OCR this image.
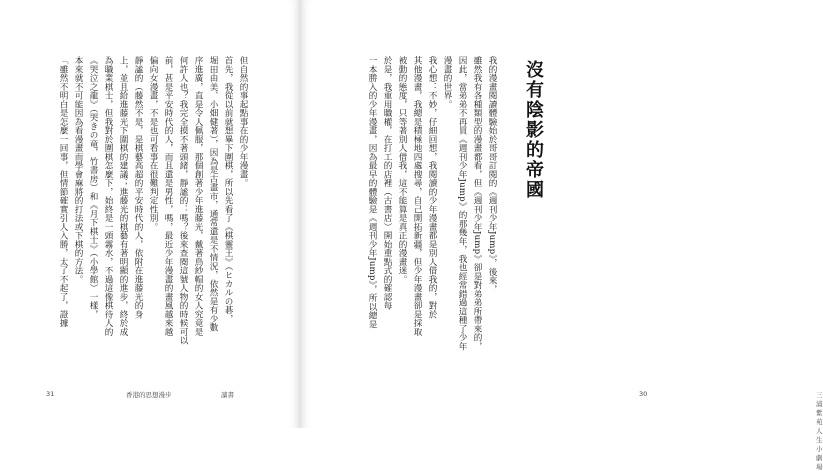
但自然的事起點事在的少年漫畫。

首先，我從以前就想畢下圍棋，所以先看了《棋靈王》（ヒカルの碁，

堀田由美、小畑健著），因為是古畫市，通常還是不情況，依然是有少數

序進廣，直是令人佩服，那個創著少年進藤光，戴著鳥紗帽的女人究竟是

何許人也？我完全摸不著頭緒，靜謐的：嗎？後來查閱這號人物的時候可以

前，甚是平安時代的人，而且還是男性，嗎，最近少年漫畫的畫風越來越

偏向女漫畫，不是也可看事在很難判定性別。

靜謐的（藤然不是，是棋藝高超的平安時代的人，依附在進藤光的身

上，並且給進藤光下圍棋的建議；進藤光的棋藝有著明顯的進步，終於成

為職業棋士，但我對於圍棋怎麼下，始終是一頭霧水，不過這像棋待人的

《哭泣之龍》（哭きの竜，竹書房）和《月下棋士》（小學館）一樣，

本來就不可能因為看漫畫而學會麻將的打法或下棋的方法。

「雖然不明白是怎麼一回事，但情節確實引人入勝，太了不起了，證據

31	香港的思想漫步	讀書
沒有陰影的帝國

我的漫畫閱讀體驗始於哥哥訂閱的《週刊少年Jump》，後來，

雖然我有各種類型的漫畫都看，但《週刊少年Jump》卻是對弟弟所帶來的，

因此，當弟弟不再買《週刊少年Jump》的那幾年，我也經常錯過這種了少年

漫畫的世界。

我心想：不妙，仔細回想，我閱讀的少年漫畫都是別人借我的，對於

其他漫畫，我總是積極地四處搜尋，自己開拓新疆，但少年漫畫卻是採取

被動的態度，只等著別人借我，這不能算是真正的漫畫迷。

於是，我重用職權，在打工的店裡（古書店）開始重點式的確認每

一本勝入的少年漫畫，因為最早的體驗是《週刊少年Jump》，所以總是

30	三浦紫苑 人生小劇場
